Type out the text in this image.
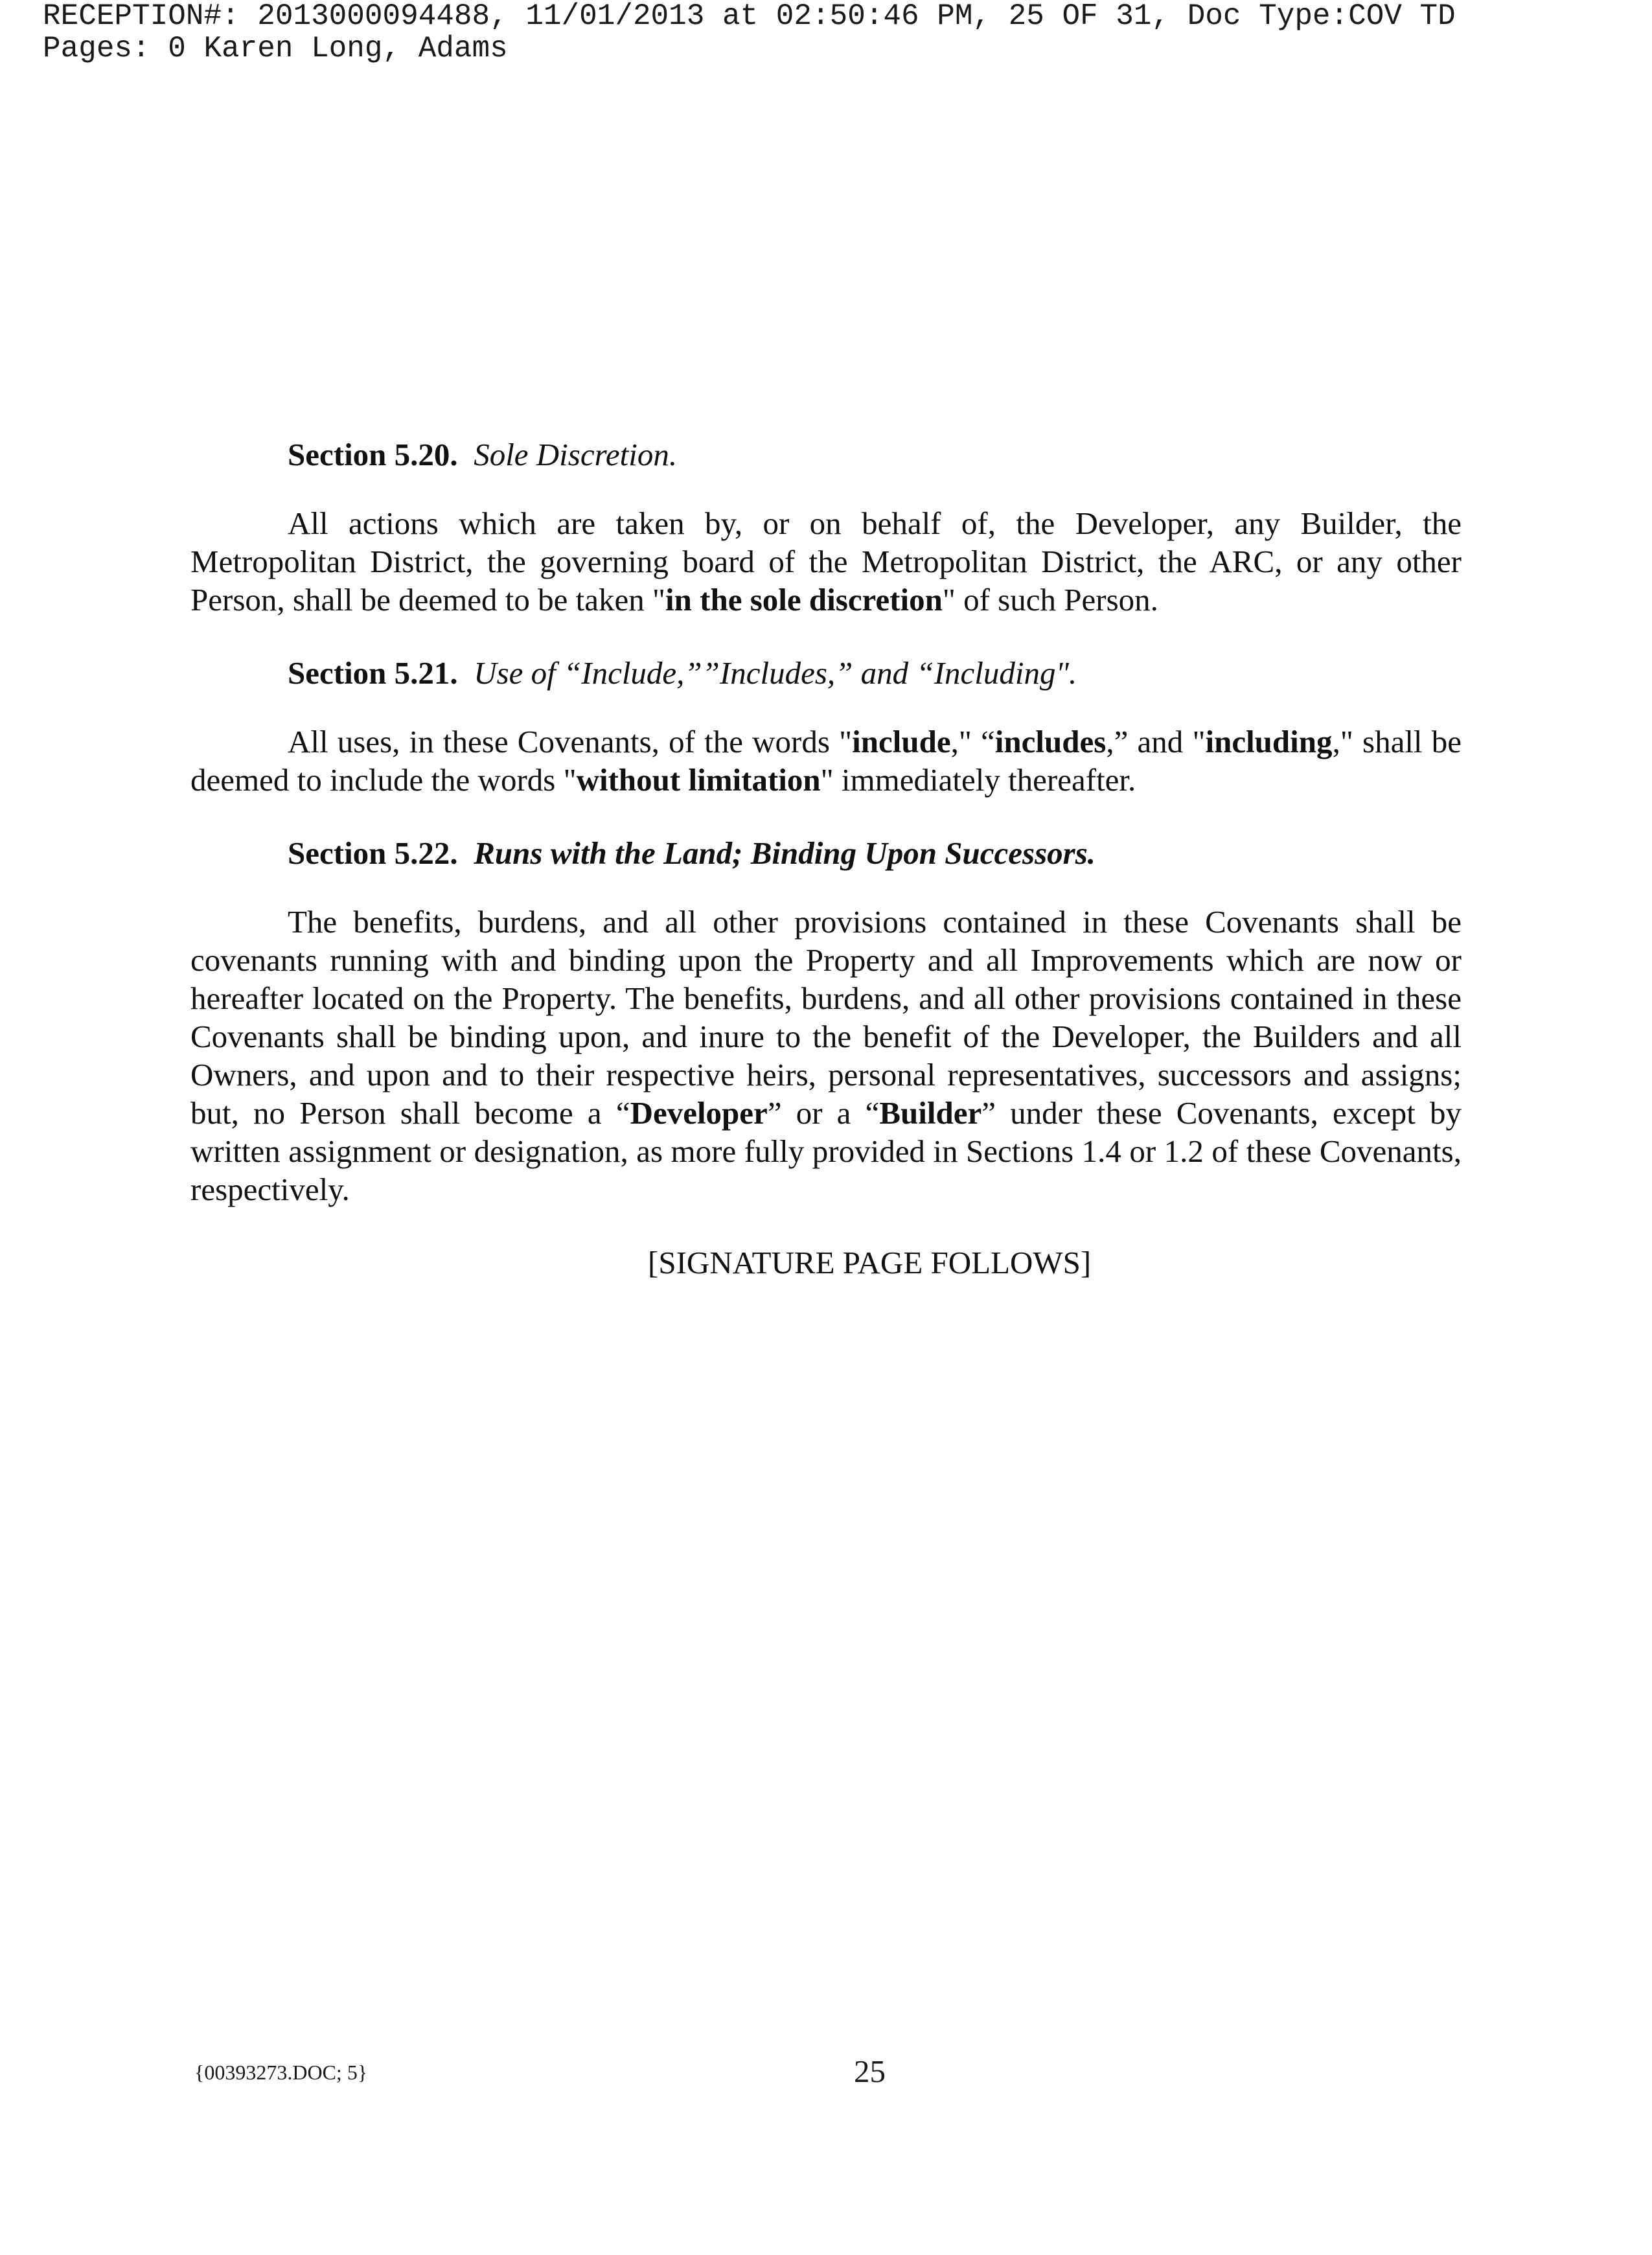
RECEPTION#: 2013000094488, 11/01/2013 at 02:50:46 PM, 25 OF 31, Doc Type:COV TD
Pages: 0 Karen Long, Adams

Section 5.20. Sole Discretion.

All actions which are taken by, or on behalf of, the Developer, any Builder, the Metropolitan District, the governing board of the Metropolitan District, the ARC, or any other Person, shall be deemed to be taken "in the sole discretion" of such Person.

Section 5.21. Use of “Include,””Includes,” and “Including".

All uses, in these Covenants, of the words "include," “includes,” and "including," shall be deemed to include the words "without limitation" immediately thereafter.

Section 5.22. Runs with the Land; Binding Upon Successors.

The benefits, burdens, and all other provisions contained in these Covenants shall be covenants running with and binding upon the Property and all Improvements which are now or hereafter located on the Property. The benefits, burdens, and all other provisions contained in these Covenants shall be binding upon, and inure to the benefit of the Developer, the Builders and all Owners, and upon and to their respective heirs, personal representatives, successors and assigns; but, no Person shall become a “Developer” or a “Builder” under these Covenants, except by written assignment or designation, as more fully provided in Sections 1.4 or 1.2 of these Covenants, respectively.

[SIGNATURE PAGE FOLLOWS]

{00393273.DOC; 5}	25
